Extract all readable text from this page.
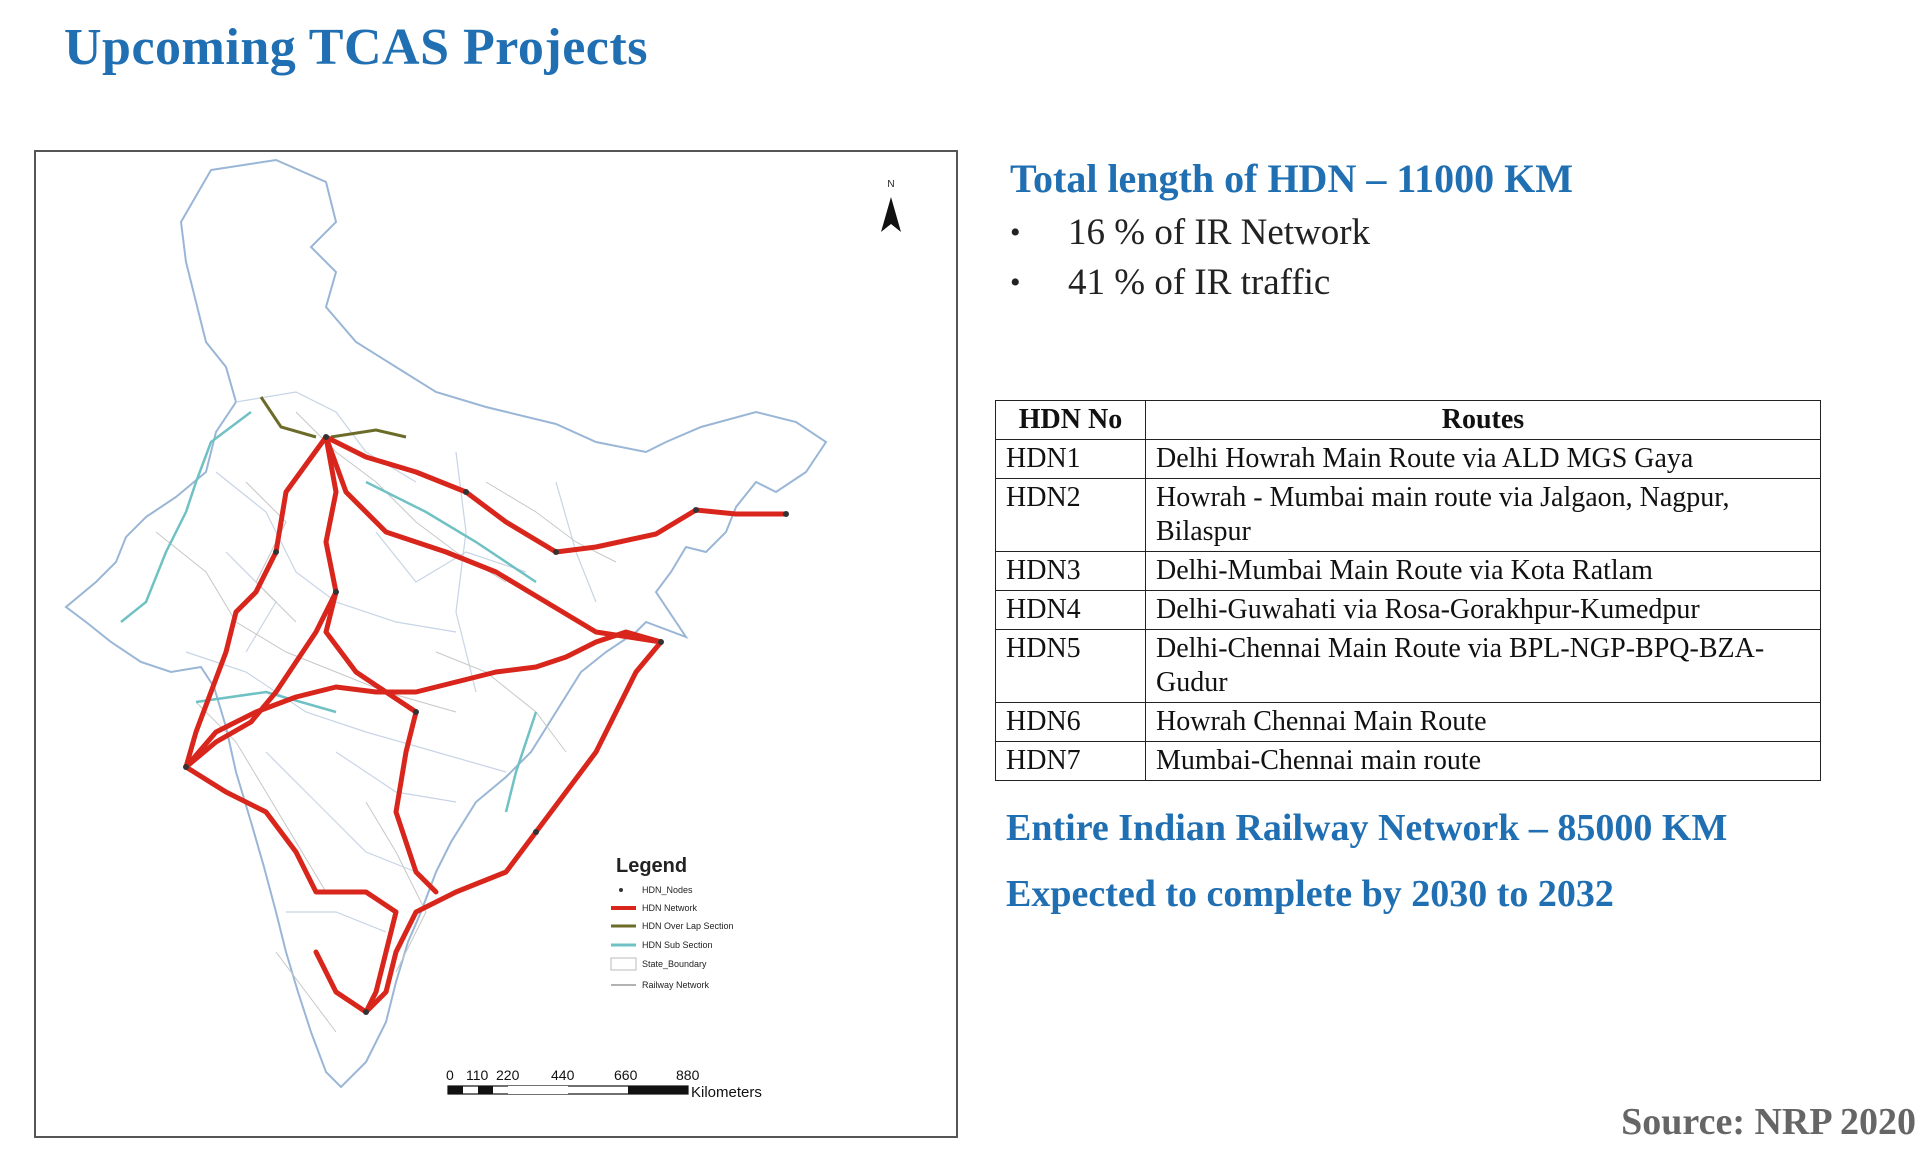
Upcoming TCAS Projects
N
Legend
HDN_Nodes
HDN Network
HDN Over Lap Section
HDN Sub Section
State_Boundary
Railway Network
0 110 220 440	660	880
Kilometers
Total length of HDN – 11000 KM
• 16 % of IR Network
• 41 % of IR traffic
HDN No	Routes
HDN1	Delhi Howrah Main Route via ALD MGS Gaya
HDN2	Howrah - Mumbai main route via Jalgaon, Nagpur, Bilaspur
HDN3	Delhi-Mumbai Main Route via Kota Ratlam
HDN4	Delhi-Guwahati via Rosa-Gorakhpur-Kumedpur
HDN5	Delhi-Chennai Main Route via BPL-NGP-BPQ-BZA-Gudur
HDN6	Howrah Chennai Main Route
HDN7	Mumbai-Chennai main route
Entire Indian Railway Network – 85000 KM
Expected to complete by 2030 to 2032
Source: NRP 2020
